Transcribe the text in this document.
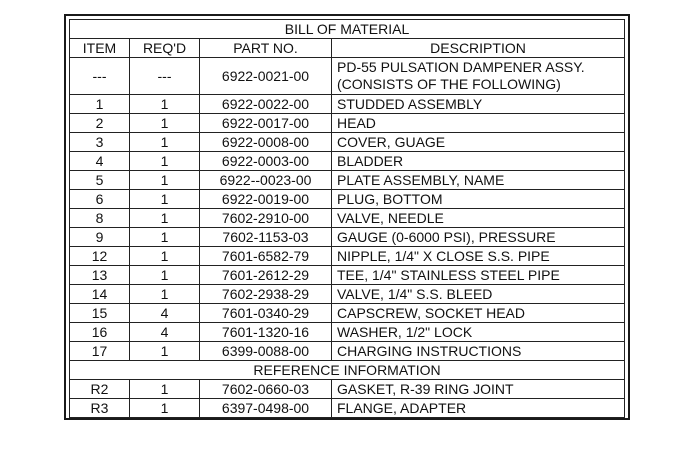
BILL OF MATERIAL			
ITEM	REQ'D	PART NO.	DESCRIPTION
---	---	6922-0021-00	PD-55 PULSATION DAMPENER ASSY.
(CONSISTS OF THE FOLLOWING)

1	1	6922-0022-00	STUDDED ASSEMBLY
2	1	6922-0017-00	HEAD
3	1	6922-0008-00	COVER, GUAGE
4	1	6922-0003-00	BLADDER
5	1	6922--0023-00	PLATE ASSEMBLY, NAME
6	1	6922-0019-00	PLUG, BOTTOM
8	1	7602-2910-00	VALVE, NEEDLE
9	1	7602-1153-03	GAUGE (0-6000 PSI), PRESSURE
12	1	7601-6582-79	NIPPLE, 1/4" X CLOSE S.S. PIPE
13	1	7601-2612-29	TEE, 1/4" STAINLESS STEEL PIPE
14	1	7602-2938-29	VALVE, 1/4" S.S. BLEED
15	4	7601-0340-29	CAPSCREW, SOCKET HEAD
16	4	7601-1320-16	WASHER, 1/2" LOCK
17	1	6399-0088-00	CHARGING INSTRUCTIONS
REFERENCE INFORMATION			
R2	1	7602-0660-03	GASKET, R-39 RING JOINT
R3	1	6397-0498-00	FLANGE, ADAPTER
